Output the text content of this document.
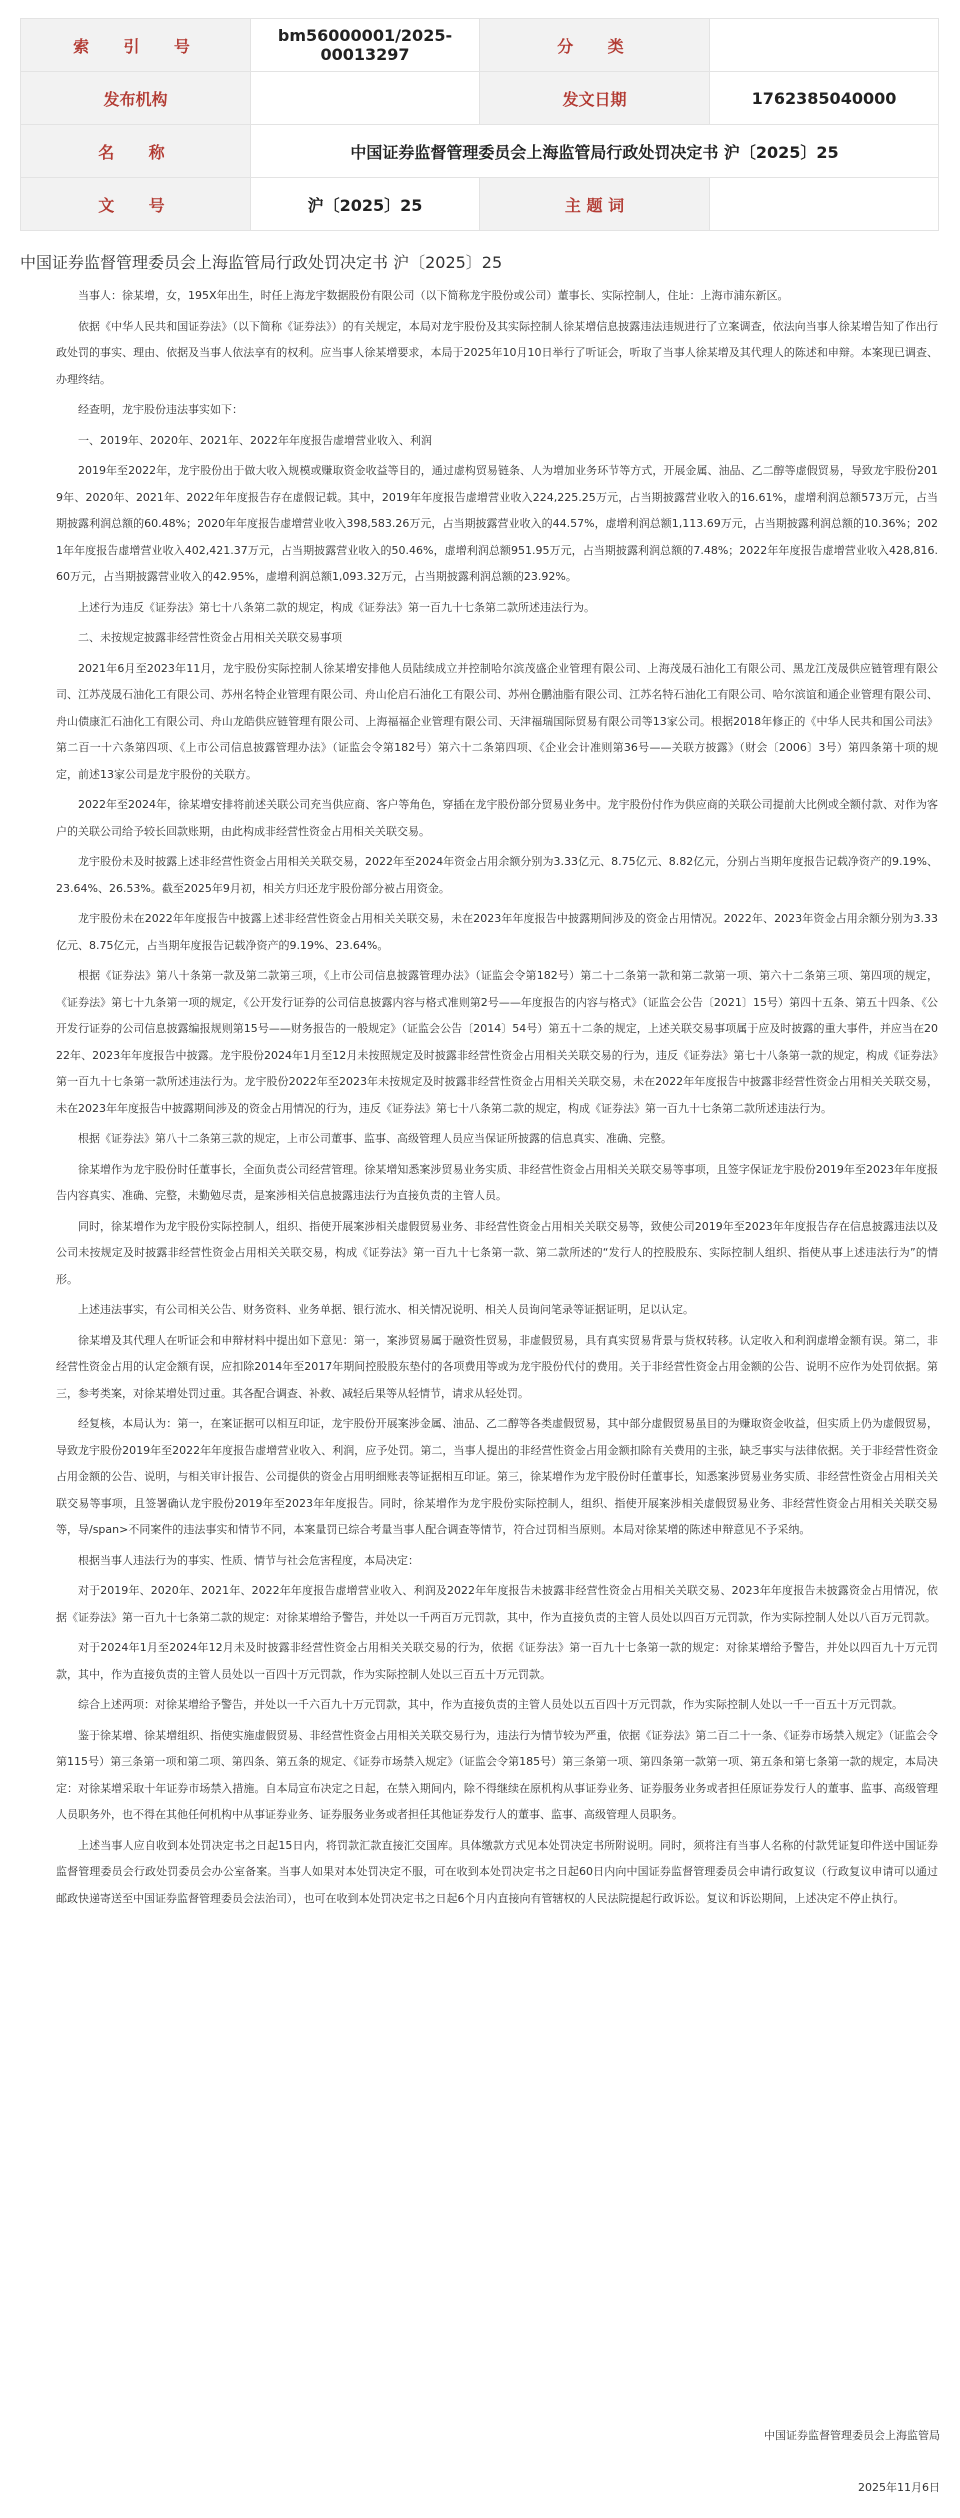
索 引 号	bm56000001/2025-00013297	分 类	
发布机构		发文日期	1762385040000
名 称	中国证券监督管理委员会上海监管局行政处罚决定书 沪〔2025〕25		
文 号	沪〔2025〕25	主 题 词	
中国证券监督管理委员会上海监管局行政处罚决定书 沪〔2025〕25

当事人：徐某增，女，195X年出生，时任上海龙宇数据股份有限公司（以下简称龙宇股份或公司）董事长、实际控制人，住址：上海市浦东新区。

依据《中华人民共和国证券法》（以下简称《证券法》）的有关规定，本局对龙宇股份及其实际控制人徐某增信息披露违法违规进行了立案调查，依法向当事人徐某增告知了作出行政处罚的事实、理由、依据及当事人依法享有的权利。应当事人徐某增要求，本局于2025年10月10日举行了听证会，听取了当事人徐某增及其代理人的陈述和申辩。本案现已调查、办理终结。

经查明，龙宇股份违法事实如下：

一、2019年、2020年、2021年、2022年年度报告虚增营业收入、利润

2019年至2022年，龙宇股份出于做大收入规模或赚取资金收益等目的，通过虚构贸易链条、人为增加业务环节等方式，开展金属、油品、乙二醇等虚假贸易，导致龙宇股份2019年、2020年、2021年、2022年年度报告存在虚假记载。其中，2019年年度报告虚增营业收入224,225.25万元，占当期披露营业收入的16.61%，虚增利润总额573万元，占当期披露利润总额的60.48%；2020年年度报告虚增营业收入398,583.26万元，占当期披露营业收入的44.57%，虚增利润总额1,113.69万元，占当期披露利润总额的10.36%；2021年年度报告虚增营业收入402,421.37万元，占当期披露营业收入的50.46%，虚增利润总额951.95万元，占当期披露利润总额的7.48%；2022年年度报告虚增营业收入428,816.60万元，占当期披露营业收入的42.95%，虚增利润总额1,093.32万元，占当期披露利润总额的23.92%。

上述行为违反《证券法》第七十八条第二款的规定，构成《证券法》第一百九十七条第二款所述违法行为。

二、未按规定披露非经营性资金占用相关关联交易事项

2021年6月至2023年11月，龙宇股份实际控制人徐某增安排他人员陆续成立并控制哈尔滨茂盛企业管理有限公司、上海茂晟石油化工有限公司、黑龙江茂晟供应链管理有限公司、江苏茂晟石油化工有限公司、苏州名特企业管理有限公司、舟山伦启石油化工有限公司、苏州仓鹏油脂有限公司、江苏名特石油化工有限公司、哈尔滨谊和通企业管理有限公司、舟山债康汇石油化工有限公司、舟山龙皓供应链管理有限公司、上海福福企业管理有限公司、天津福瑞国际贸易有限公司等13家公司。根据2018年修正的《中华人民共和国公司法》第二百一十六条第四项、《上市公司信息披露管理办法》（证监会令第182号）第六十二条第四项、《企业会计准则第36号——关联方披露》（财会〔2006〕3号）第四条第十项的规定，前述13家公司是龙宇股份的关联方。

2022年至2024年，徐某增安排将前述关联公司充当供应商、客户等角色，穿插在龙宇股份部分贸易业务中。龙宇股份付作为供应商的关联公司提前大比例或全额付款、对作为客户的关联公司给予较长回款账期，由此构成非经营性资金占用相关关联交易。

龙宇股份未及时披露上述非经营性资金占用相关关联交易，2022年至2024年资金占用余额分别为3.33亿元、8.75亿元、8.82亿元，分别占当期年度报告记载净资产的9.19%、23.64%、26.53%。截至2025年9月初，相关方归还龙宇股份部分被占用资金。

龙宇股份未在2022年年度报告中披露上述非经营性资金占用相关关联交易，未在2023年年度报告中披露期间涉及的资金占用情况。2022年、2023年资金占用余额分别为3.33亿元、8.75亿元，占当期年度报告记载净资产的9.19%、23.64%。

根据《证券法》第八十条第一款及第二款第三项，《上市公司信息披露管理办法》（证监会令第182号）第二十二条第一款和第二款第一项、第六十二条第三项、第四项的规定，《证券法》第七十九条第一项的规定，《公开发行证券的公司信息披露内容与格式准则第2号——年度报告的内容与格式》（证监会公告〔2021〕15号）第四十五条、第五十四条、《公开发行证券的公司信息披露编报规则第15号——财务报告的一般规定》（证监会公告〔2014〕54号）第五十二条的规定，上述关联交易事项属于应及时披露的重大事件，并应当在2022年、2023年年度报告中披露。龙宇股份2024年1月至12月未按照规定及时披露非经营性资金占用相关关联交易的行为，违反《证券法》第七十八条第一款的规定，构成《证券法》第一百九十七条第一款所述违法行为。龙宇股份2022年至2023年未按规定及时披露非经营性资金占用相关关联交易，未在2022年年度报告中披露非经营性资金占用相关关联交易，未在2023年年度报告中披露期间涉及的资金占用情况的行为，违反《证券法》第七十八条第二款的规定，构成《证券法》第一百九十七条第二款所述违法行为。

根据《证券法》第八十二条第三款的规定，上市公司董事、监事、高级管理人员应当保证所披露的信息真实、准确、完整。

徐某增作为龙宇股份时任董事长，全面负责公司经营管理。徐某增知悉案涉贸易业务实质、非经营性资金占用相关关联交易等事项，且签字保证龙宇股份2019年至2023年年度报告内容真实、准确、完整，未勤勉尽责，是案涉相关信息披露违法行为直接负责的主管人员。

同时，徐某增作为龙宇股份实际控制人，组织、指使开展案涉相关虚假贸易业务、非经营性资金占用相关关联交易等，致使公司2019年至2023年年度报告存在信息披露违法以及公司未按规定及时披露非经营性资金占用相关关联交易，构成《证券法》第一百九十七条第一款、第二款所述的“发行人的控股股东、实际控制人组织、指使从事上述违法行为”的情形。

上述违法事实，有公司相关公告、财务资料、业务单据、银行流水、相关情况说明、相关人员询问笔录等证据证明，足以认定。

徐某增及其代理人在听证会和申辩材料中提出如下意见：第一，案涉贸易属于融资性贸易，非虚假贸易，具有真实贸易背景与货权转移。认定收入和利润虚增金额有误。第二，非经营性资金占用的认定金额有误，应扣除2014年至2017年期间控股股东垫付的各项费用等或为龙宇股份代付的费用。关于非经营性资金占用金额的公告、说明不应作为处罚依据。第三，参考类案，对徐某增处罚过重。其各配合调查、补救、减轻后果等从轻情节，请求从轻处罚。

经复核，本局认为：第一，在案证据可以相互印证，龙宇股份开展案涉金属、油品、乙二醇等各类虚假贸易，其中部分虚假贸易虽目的为赚取资金收益，但实质上仍为虚假贸易，导致龙宇股份2019年至2022年年度报告虚增营业收入、利润，应予处罚。第二，当事人提出的非经营性资金占用金额扣除有关费用的主张，缺乏事实与法律依据。关于非经营性资金占用金额的公告、说明，与相关审计报告、公司提供的资金占用明细账表等证据相互印证。第三，徐某增作为龙宇股份时任董事长，知悉案涉贸易业务实质、非经营性资金占用相关关联交易等事项，且签署确认龙宇股份2019年至2023年年度报告。同时，徐某增作为龙宇股份实际控制人，组织、指使开展案涉相关虚假贸易业务、非经营性资金占用相关关联交易等，导/span>不同案件的违法事实和情节不同，本案量罚已综合考量当事人配合调查等情节，符合过罚相当原则。本局对徐某增的陈述申辩意见不予采纳。

根据当事人违法行为的事实、性质、情节与社会危害程度，本局决定：

对于2019年、2020年、2021年、2022年年度报告虚增营业收入、利润及2022年年度报告未披露非经营性资金占用相关关联交易、2023年年度报告未披露资金占用情况，依据《证券法》第一百九十七条第二款的规定：对徐某增给予警告，并处以一千两百万元罚款，其中，作为直接负责的主管人员处以四百万元罚款，作为实际控制人处以八百万元罚款。

对于2024年1月至2024年12月未及时披露非经营性资金占用相关关联交易的行为，依据《证券法》第一百九十七条第一款的规定：对徐某增给予警告，并处以四百九十万元罚款，其中，作为直接负责的主管人员处以一百四十万元罚款，作为实际控制人处以三百五十万元罚款。

综合上述两项：对徐某增给予警告，并处以一千六百九十万元罚款，其中，作为直接负责的主管人员处以五百四十万元罚款，作为实际控制人处以一千一百五十万元罚款。

鉴于徐某增、徐某增组织、指使实施虚假贸易、非经营性资金占用相关关联交易行为，违法行为情节较为严重，依据《证券法》第二百二十一条、《证券市场禁入规定》（证监会令第115号）第三条第一项和第二项、第四条、第五条的规定、《证券市场禁入规定》（证监会令第185号）第三条第一项、第四条第一款第一项、第五条和第七条第一款的规定，本局决定：对徐某增采取十年证券市场禁入措施。自本局宣布决定之日起，在禁入期间内，除不得继续在原机构从事证券业务、证券服务业务或者担任原证券发行人的董事、监事、高级管理人员职务外，也不得在其他任何机构中从事证券业务、证券服务业务或者担任其他证券发行人的董事、监事、高级管理人员职务。

上述当事人应自收到本处罚决定书之日起15日内，将罚款汇款直接汇交国库。具体缴款方式见本处罚决定书所附说明。同时，须将注有当事人名称的付款凭证复印件送中国证券监督管理委员会行政处罚委员会办公室备案。当事人如果对本处罚决定不服，可在收到本处罚决定书之日起60日内向中国证券监督管理委员会申请行政复议（行政复议申请可以通过邮政快递寄送至中国证券监督管理委员会法治司），也可在收到本处罚决定书之日起6个月内直接向有管辖权的人民法院提起行政诉讼。复议和诉讼期间，上述决定不停止执行。

中国证券监督管理委员会上海监管局
2025年11月6日
